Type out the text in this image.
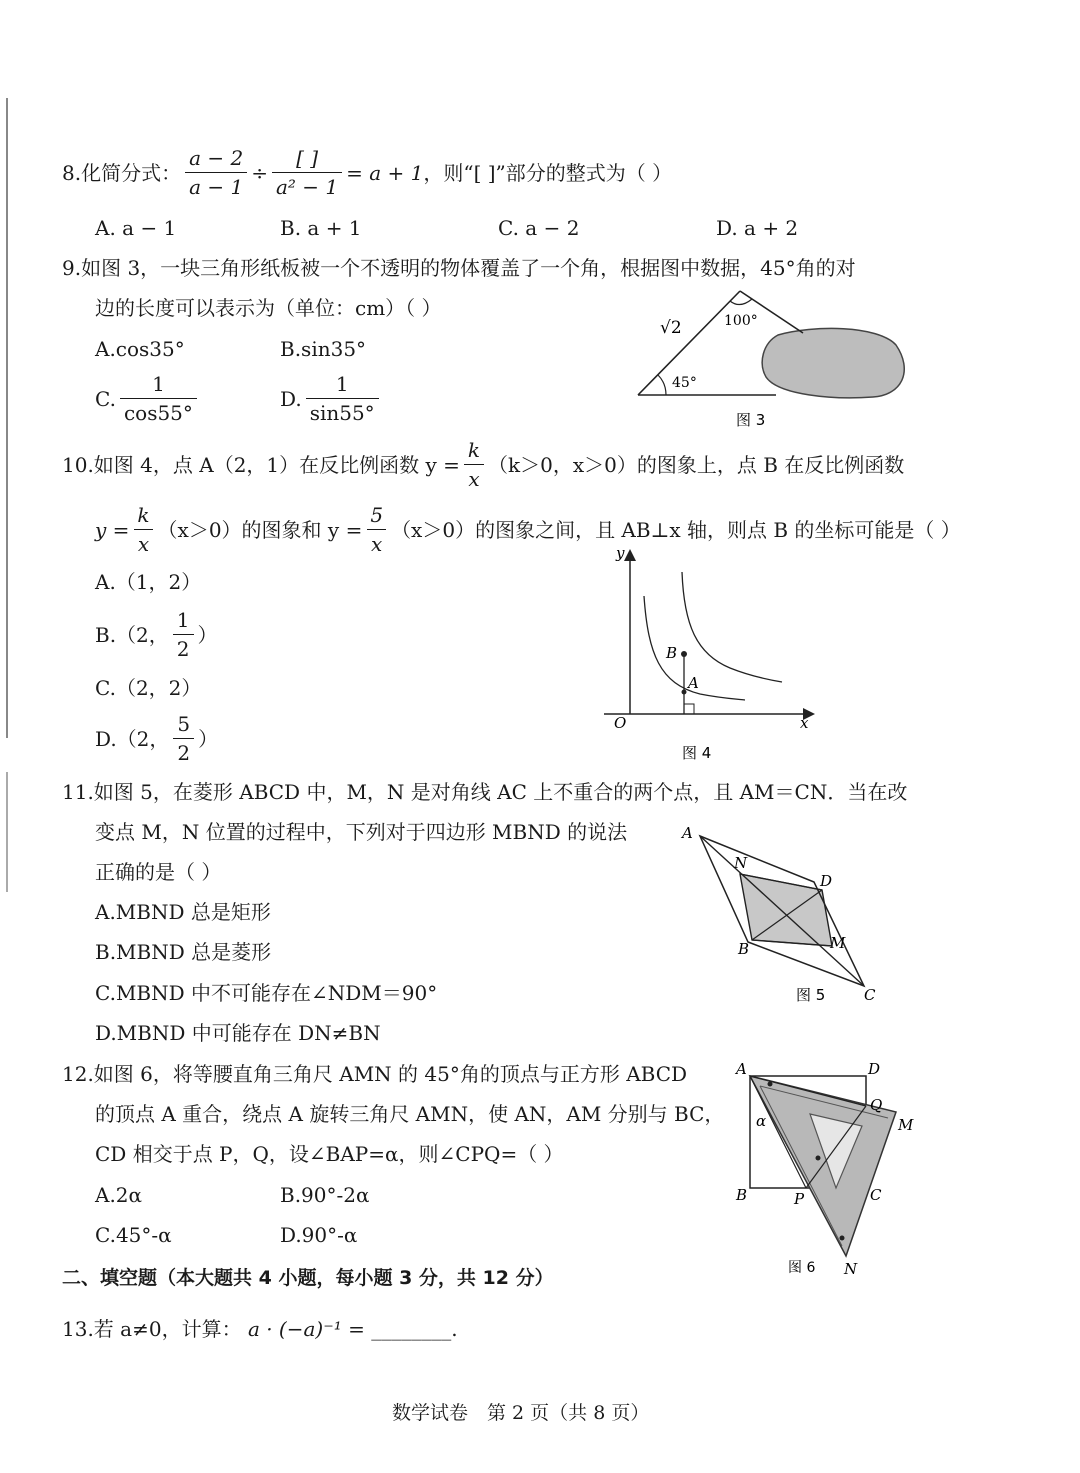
8.化简分式： $\frac{a - 2}{a - 1} \div \frac{[ ]}{\text{a² − 1}} = a + 1$ ，则“[ ]”部分的整式为（ ）
A. a − 1	B. a + 1	C. a − 2	D. a + 2
9.如图 3，一块三角形纸板被一个不透明的物体覆盖了一个角，根据图中数据，45°角的对
边的长度可以表示为（单位：cm）（ ）
A.cos35°	B.sin35°
C. $\frac{1}{\cos 55^\circ}$	D. $\frac{1}{\sin 55^\circ}$
√2	100°
45°
图 3
10.如图 4，点 A（2，1）在反比例函数 $y = \frac{k}{x} (k>0$，x＞0）的图象上，点 B 在反比例函数
$y = \frac{k}{x} (x>0)$的图象和 $y = \frac{5}{x} (x>0)$的图象之间，且 AB⊥x 轴，则点 B 的坐标可能是（ ）
A.（1，2）
B.（2， $\frac{1}{2}$ ）
C.（2，2）
D.（2， $\frac{5}{2}$ ）
y
x
O
B
A
图 4
11.如图 5，在菱形 ABCD 中，M，N 是对角线 AC 上不重合的两个点，且 AM＝CN．当在改
变点 M，N 位置的过程中，下列对于四边形 MBND 的说法
正确的是（ ）
A.MBND 总是矩形
B.MBND 总是菱形
C.MBND 中不可能存在∠NDM＝90°
D.MBND 中可能存在 DN≠BN
A
N
D
B	M
C
图 5
12.如图 6，将等腰直角三角尺 AMN 的 45°角的顶点与正方形 ABCD
的顶点 A 重合，绕点 A 旋转三角尺 AMN，使 AN，AM 分别与 BC，
CD 相交于点 P，Q，设∠BAP=α，则∠CPQ=（ ）
A.2α	B.90°-2α
C.45°-α	D.90°-α
A	D
Q
M
α
B	P	C
N
图 6
二、填空题（本大题共 4 小题，每小题 3 分，共 12 分）
13.若 a≠0，计算： a · (−a)⁻¹ = ________.
数学试卷　第 2 页（共 8 页）
